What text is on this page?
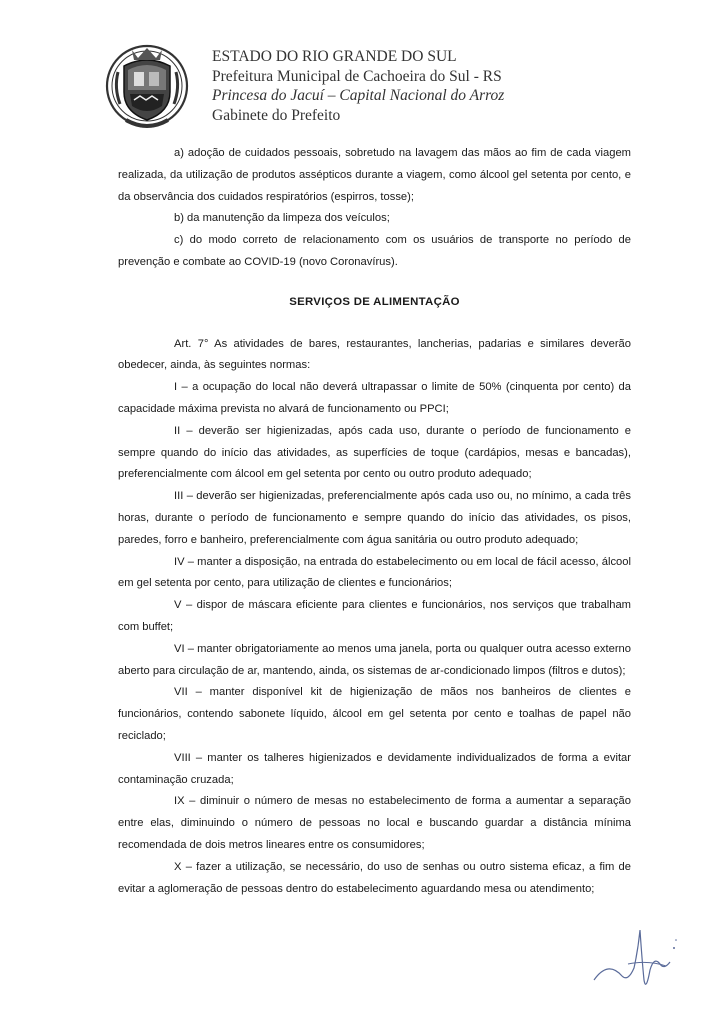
ESTADO DO RIO GRANDE DO SUL
Prefeitura Municipal de Cachoeira do Sul - RS
Princesa do Jacuí – Capital Nacional do Arroz
Gabinete do Prefeito

a) adoção de cuidados pessoais, sobretudo na lavagem das mãos ao fim de cada viagem realizada, da utilização de produtos assépticos durante a viagem, como álcool gel setenta por cento, e da observância dos cuidados respiratórios (espirros, tosse);

b) da manutenção da limpeza dos veículos;

c) do modo correto de relacionamento com os usuários de transporte no período de prevenção e combate ao COVID-19 (novo Coronavírus).

SERVIÇOS DE ALIMENTAÇÃO

Art. 7° As atividades de bares, restaurantes, lancherias, padarias e similares deverão obedecer, ainda, às seguintes normas:

I – a ocupação do local não deverá ultrapassar o limite de 50% (cinquenta por cento) da capacidade máxima prevista no alvará de funcionamento ou PPCI;

II – deverão ser higienizadas, após cada uso, durante o período de funcionamento e sempre quando do início das atividades, as superfícies de toque (cardápios, mesas e bancadas), preferencialmente com álcool em gel setenta por cento ou outro produto adequado;

III – deverão ser higienizadas, preferencialmente após cada uso ou, no mínimo, a cada três horas, durante o período de funcionamento e sempre quando do início das atividades, os pisos, paredes, forro e banheiro, preferencialmente com água sanitária ou outro produto adequado;

IV – manter a disposição, na entrada do estabelecimento ou em local de fácil acesso, álcool em gel setenta por cento, para utilização de clientes e funcionários;

V – dispor de máscara eficiente para clientes e funcionários, nos serviços que trabalham com buffet;

VI – manter obrigatoriamente ao menos uma janela, porta ou qualquer outra acesso externo aberto para circulação de ar, mantendo, ainda, os sistemas de ar-condicionado limpos (filtros e dutos);

VII – manter disponível kit de higienização de mãos nos banheiros de clientes e funcionários, contendo sabonete líquido, álcool em gel setenta por cento e toalhas de papel não reciclado;

VIII – manter os talheres higienizados e devidamente individualizados de forma a evitar contaminação cruzada;

IX – diminuir o número de mesas no estabelecimento de forma a aumentar a separação entre elas, diminuindo o número de pessoas no local e buscando guardar a distância mínima recomendada de dois metros lineares entre os consumidores;

X – fazer a utilização, se necessário, do uso de senhas ou outro sistema eficaz, a fim de evitar a aglomeração de pessoas dentro do estabelecimento aguardando mesa ou atendimento;
